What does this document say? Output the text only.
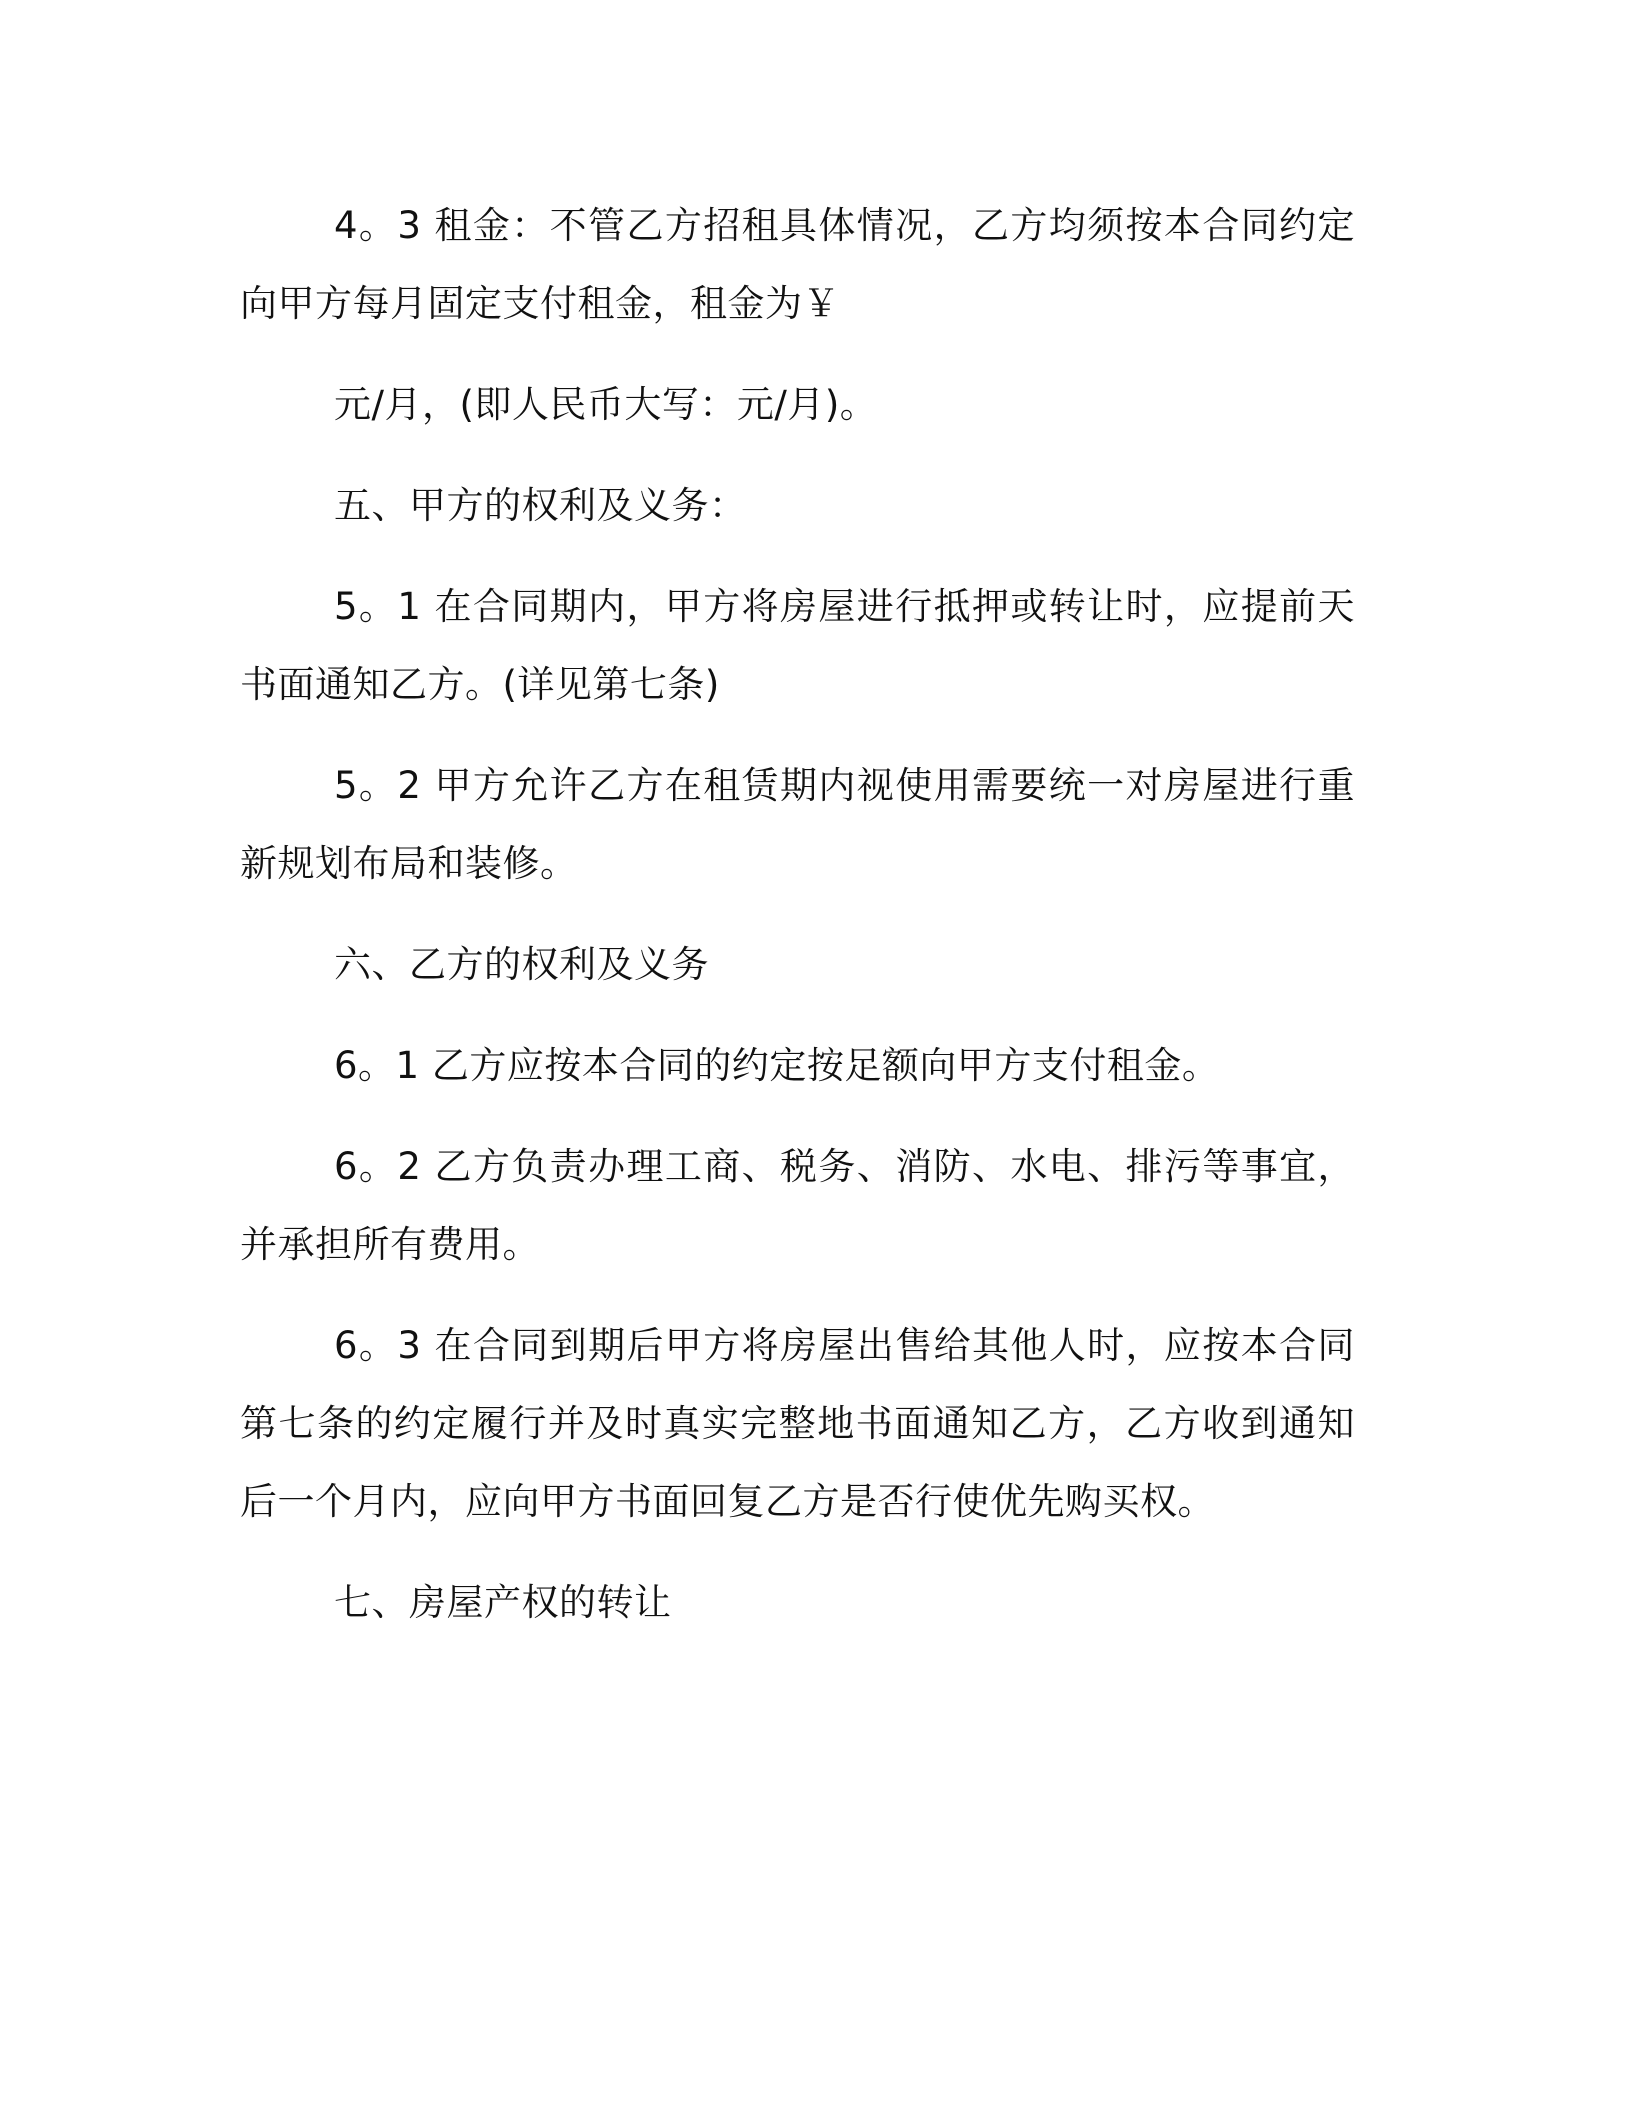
4。3 租金：不管乙方招租具体情况，乙方均须按本合同约定向甲方每月固定支付租金，租金为￥

元/月，(即人民币大写：元/月)。

五、甲方的权利及义务：

5。1 在合同期内，甲方将房屋进行抵押或转让时，应提前天书面通知乙方。(详见第七条)

5。2 甲方允许乙方在租赁期内视使用需要统一对房屋进行重新规划布局和装修。

六、乙方的权利及义务

6。1 乙方应按本合同的约定按足额向甲方支付租金。

6。2 乙方负责办理工商、税务、消防、水电、排污等事宜，并承担所有费用。

6。3 在合同到期后甲方将房屋出售给其他人时，应按本合同第七条的约定履行并及时真实完整地书面通知乙方，乙方收到通知后一个月内，应向甲方书面回复乙方是否行使优先购买权。

七、房屋产权的转让
